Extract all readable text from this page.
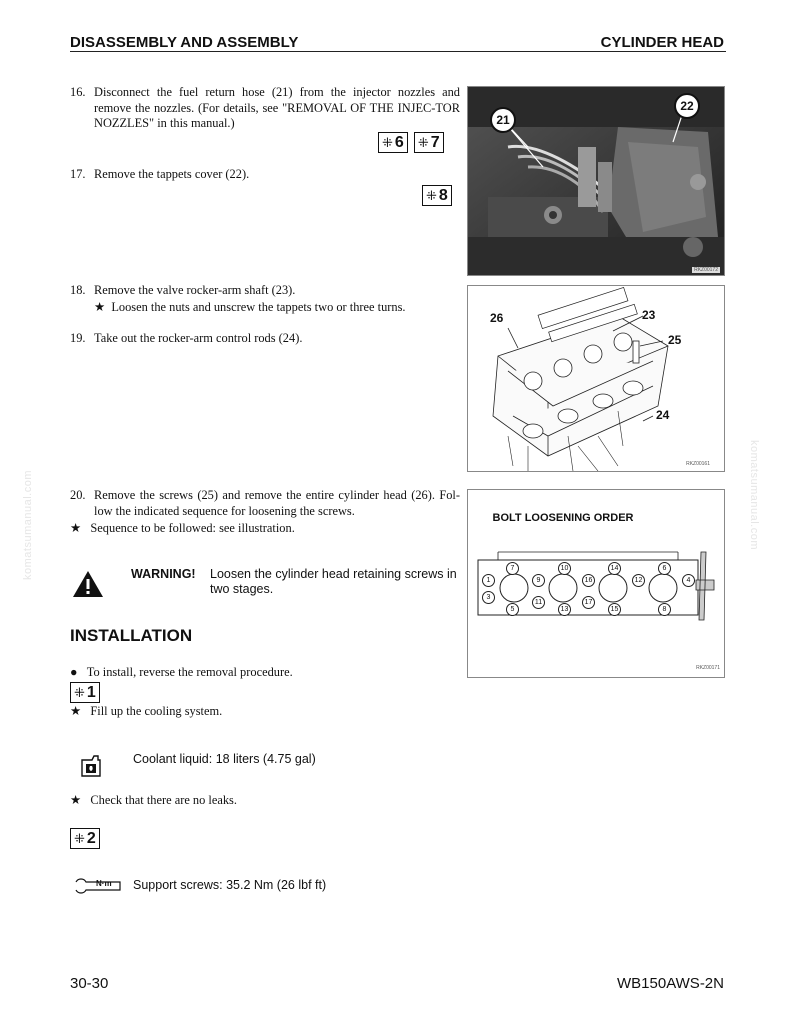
DISASSEMBLY AND ASSEMBLY	CYLINDER HEAD
komatsumanual.com	komatsumanual.com
16. Disconnect the fuel return hose (21) from the injector nozzles and remove the nozzles. (For details, see "REMOVAL OF THE INJEC-TOR NOZZLES" in this manual.)
⁜ 6 ⁜ 7
17. Remove the tappets cover (22).
⁜ 8
21
22
RKZ00172
18. Remove the valve rocker-arm shaft (23).
★ Loosen the nuts and unscrew the tappets two or three turns.
19. Take out the rocker-arm control rods (24).
26	23
25
24
RKZ00161
20. Remove the screws (25) and remove the entire cylinder head (26). Fol-low the indicated sequence for loosening the screws.
★ Sequence to be followed: see illustration.
BOLT LOOSENING ORDER
7	10	14	6
1	9	16	12	4
3
5
11
13
17
15	8
RKZ00171
WARNING! Loosen the cylinder head retaining screws in two stages.
INSTALLATION
● To install, reverse the removal procedure.
⁜ 1
★ Fill up the cooling system.
Coolant liquid: 18 liters (4.75 gal)
★ Check that there are no leaks.
⁜ 2
N·m Support screws: 35.2 Nm (26 lbf ft)
30-30	WB150AWS-2N
